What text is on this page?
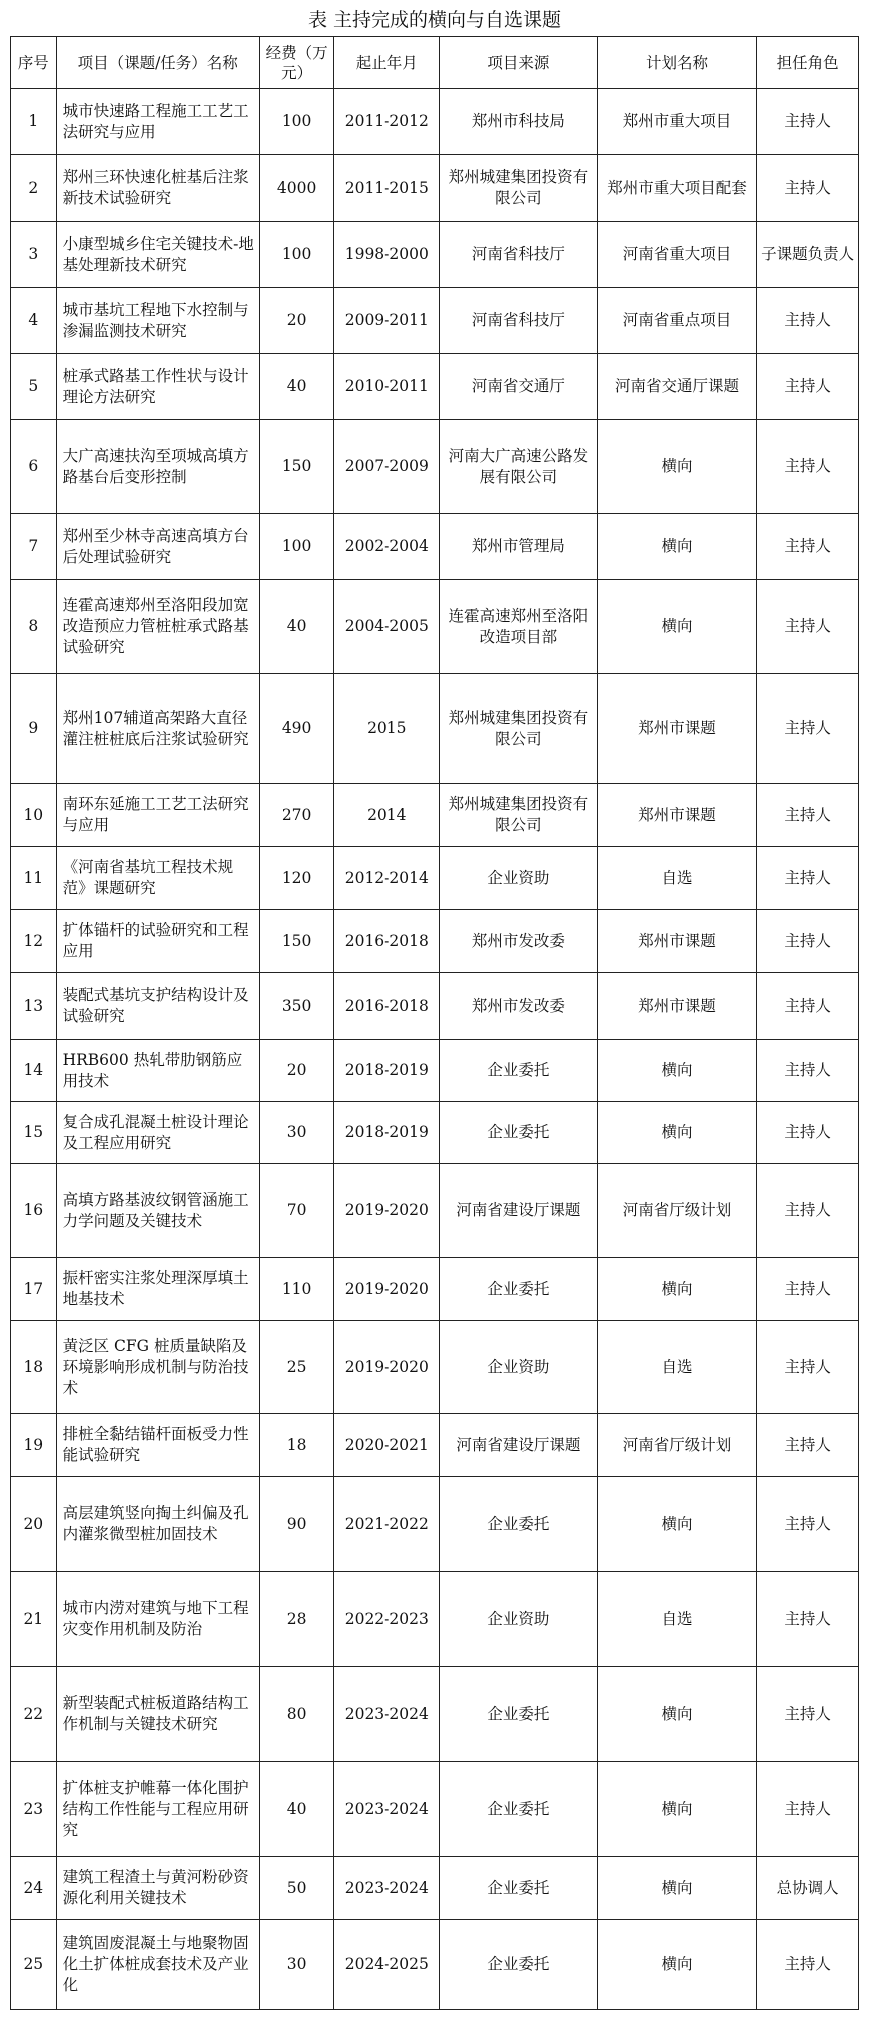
表 主持完成的横向与自选课题
序号	项目（课题/任务）名称	经费（万元）	起止年月	项目来源	计划名称	担任角色
1	城市快速路工程施工工艺工法研究与应用	100	2011-2012	郑州市科技局	郑州市重大项目	主持人
2	郑州三环快速化桩基后注浆新技术试验研究	4000	2011-2015	郑州城建集团投资有限公司	郑州市重大项目配套	主持人
3	小康型城乡住宅关键技术-地基处理新技术研究	100	1998-2000	河南省科技厅	河南省重大项目	子课题负责人
4	城市基坑工程地下水控制与渗漏监测技术研究	20	2009-2011	河南省科技厅	河南省重点项目	主持人
5	桩承式路基工作性状与设计理论方法研究	40	2010-2011	河南省交通厅	河南省交通厅课题	主持人
6	大广高速扶沟至项城高填方路基台后变形控制	150	2007-2009	河南大广高速公路发展有限公司	横向	主持人
7	郑州至少林寺高速高填方台后处理试验研究	100	2002-2004	郑州市管理局	横向	主持人
8	连霍高速郑州至洛阳段加宽改造预应力管桩桩承式路基试验研究	40	2004-2005	连霍高速郑州至洛阳改造项目部	横向	主持人
9	郑州107辅道高架路大直径灌注桩桩底后注浆试验研究	490	2015	郑州城建集团投资有限公司	郑州市课题	主持人
10	南环东延施工工艺工法研究与应用	270	2014	郑州城建集团投资有限公司	郑州市课题	主持人
11	《河南省基坑工程技术规范》课题研究	120	2012-2014	企业资助	自选	主持人
12	扩体锚杆的试验研究和工程应用	150	2016-2018	郑州市发改委	郑州市课题	主持人
13	装配式基坑支护结构设计及试验研究	350	2016-2018	郑州市发改委	郑州市课题	主持人
14	HRB600 热轧带肋钢筋应用技术	20	2018-2019	企业委托	横向	主持人
15	复合成孔混凝土桩设计理论及工程应用研究	30	2018-2019	企业委托	横向	主持人
16	高填方路基波纹钢管涵施工力学问题及关键技术	70	2019-2020	河南省建设厅课题	河南省厅级计划	主持人
17	振杆密实注浆处理深厚填土地基技术	110	2019-2020	企业委托	横向	主持人
18	黄泛区 CFG 桩质量缺陷及环境影响形成机制与防治技术	25	2019-2020	企业资助	自选	主持人
19	排桩全黏结锚杆面板受力性能试验研究	18	2020-2021	河南省建设厅课题	河南省厅级计划	主持人
20	高层建筑竖向掏土纠偏及孔内灌浆微型桩加固技术	90	2021-2022	企业委托	横向	主持人
21	城市内涝对建筑与地下工程灾变作用机制及防治	28	2022-2023	企业资助	自选	主持人
22	新型装配式桩板道路结构工作机制与关键技术研究	80	2023-2024	企业委托	横向	主持人
23	扩体桩支护帷幕一体化围护结构工作性能与工程应用研究	40	2023-2024	企业委托	横向	主持人
24	建筑工程渣土与黄河粉砂资源化利用关键技术	50	2023-2024	企业委托	横向	总协调人
25	建筑固废混凝土与地聚物固化土扩体桩成套技术及产业化	30	2024-2025	企业委托	横向	主持人
